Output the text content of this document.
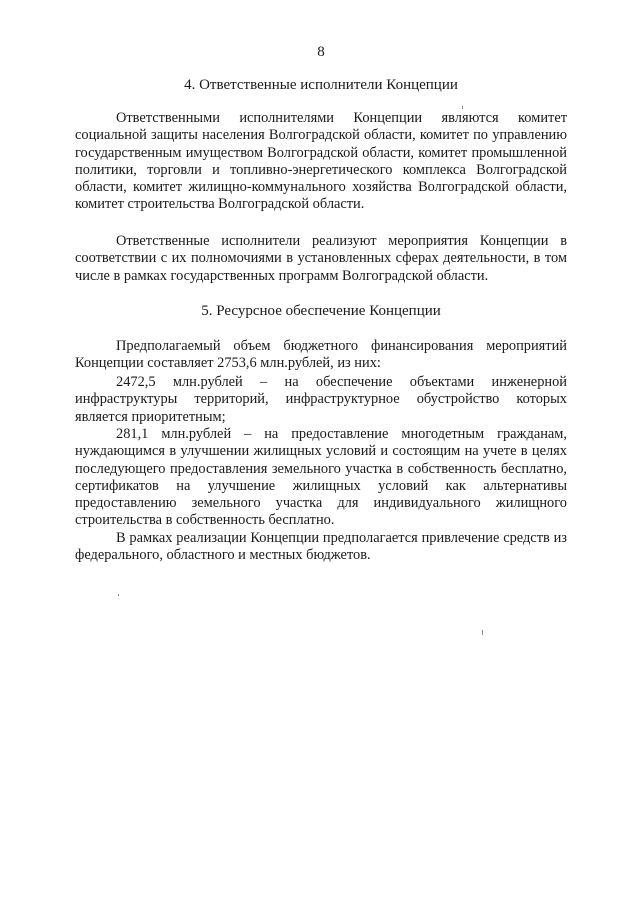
8
4. Ответственные исполнители Концепции

Ответственными исполнителями Концепции являются комитет социальной защиты населения Волгоградской области, комитет по управлению государственным имуществом Волгоградской области, комитет промышленной политики, торговли и топливно-энергетического комплекса Волгоградской области, комитет жилищно-коммунального хозяйства Волгоградской области, комитет строительства Волгоградской области.

Ответственные исполнители реализуют мероприятия Концепции в соответствии с их полномочиями в установленных сферах деятельности, в том числе в рамках государственных программ Волгоградской области.

5. Ресурсное обеспечение Концепции

Предполагаемый объем бюджетного финансирования мероприятий Концепции составляет 2753,6 млн.рублей, из них:

2472,5 млн.рублей – на обеспечение объектами инженерной инфраструктуры территорий, инфраструктурное обустройство которых является приоритетным;

281,1 млн.рублей – на предоставление многодетным гражданам, нуждающимся в улучшении жилищных условий и состоящим на учете в целях последующего предоставления земельного участка в собственность бесплатно, сертификатов на улучшение жилищных условий как альтернативы предоставлению земельного участка для индивидуального жилищного строительства в собственность бесплатно.

В рамках реализации Концепции предполагается привлечение средств из федерального, областного и местных бюджетов.
